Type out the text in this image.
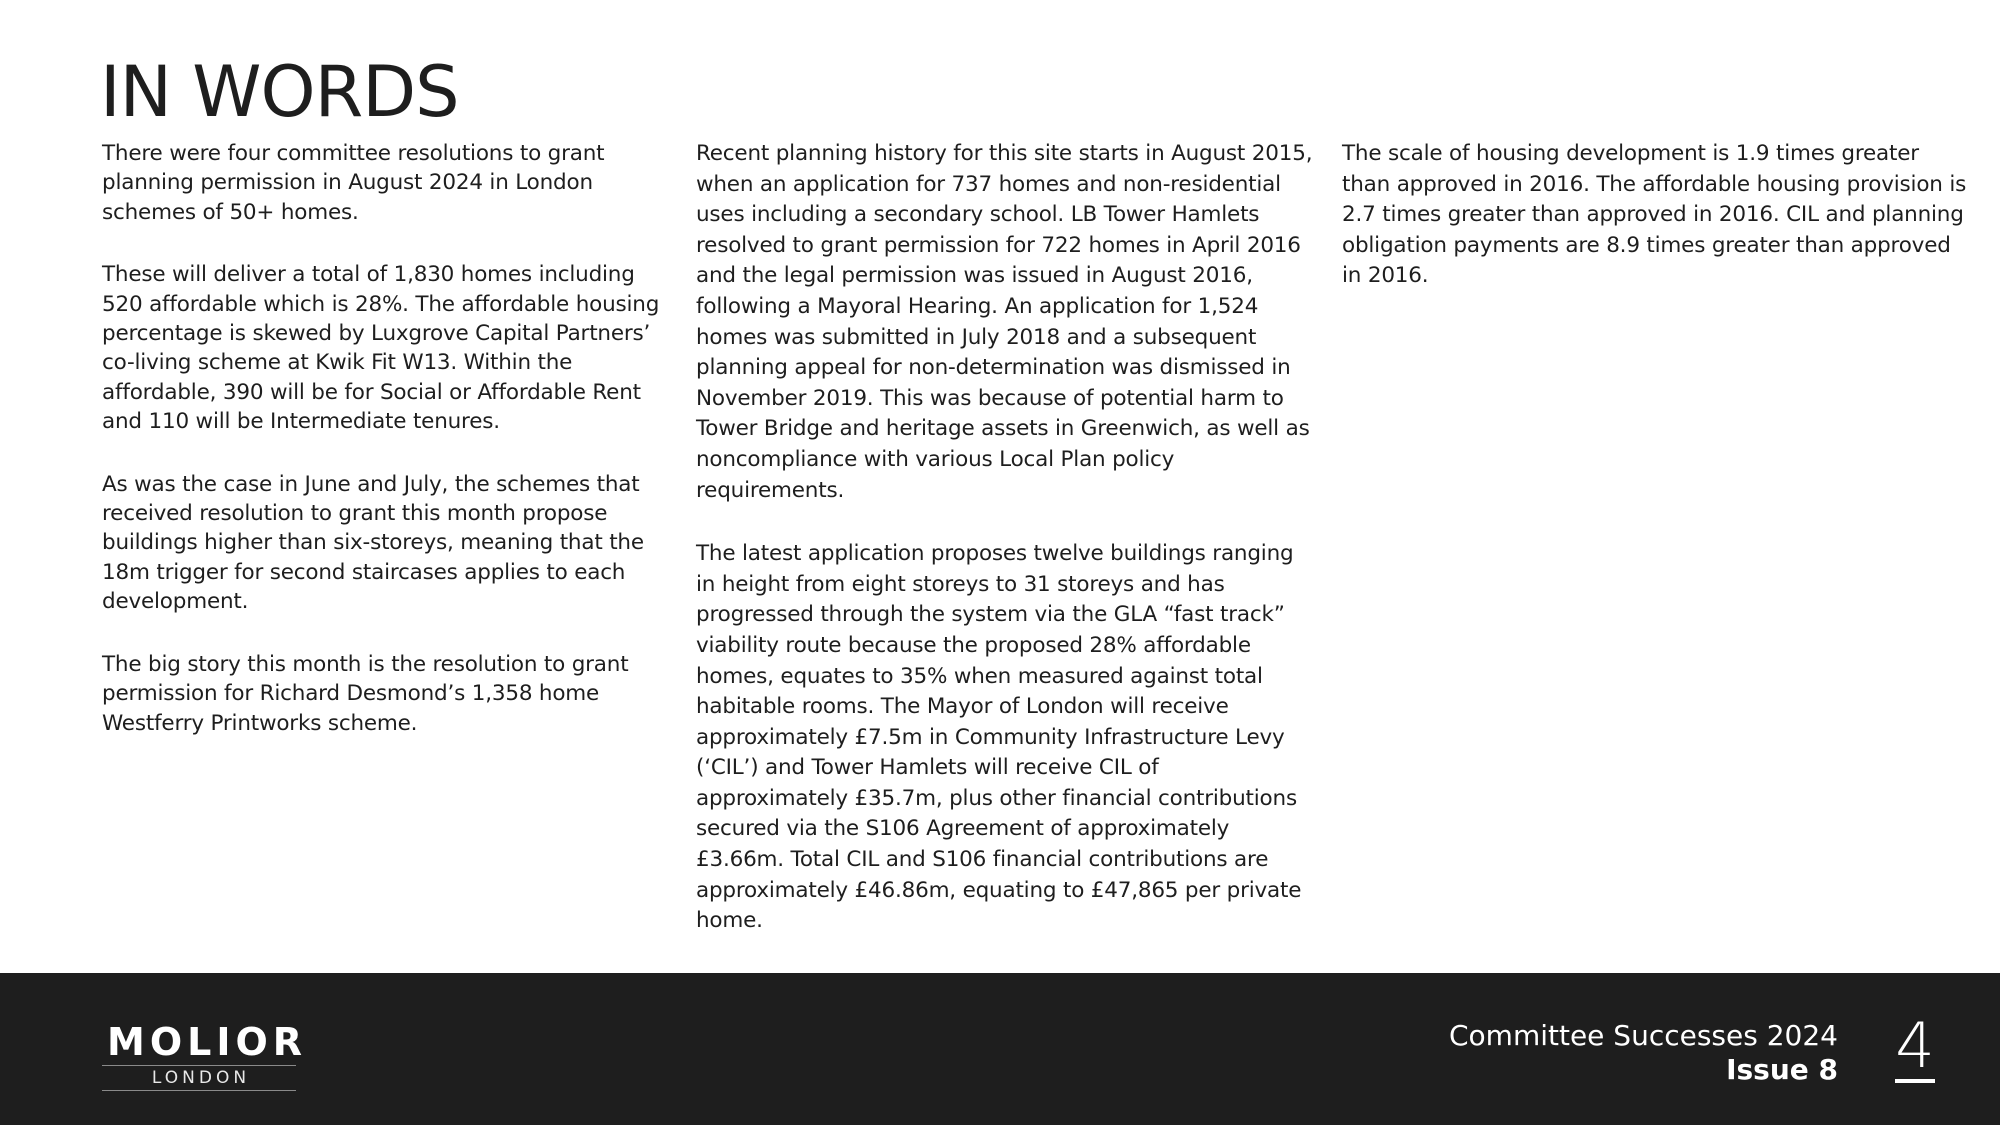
IN WORDS

There were four committee resolutions to grant planning permission in August 2024 in London schemes of 50+ homes.

These will deliver a total of 1,830 homes including 520 affordable which is 28%. The affordable housing percentage is skewed by Luxgrove Capital Partners’ co-living scheme at Kwik Fit W13. Within the affordable, 390 will be for Social or Affordable Rent and 110 will be Intermediate tenures.

As was the case in June and July, the schemes that received resolution to grant this month propose buildings higher than six-storeys, meaning that the 18m trigger for second staircases applies to each development.

The big story this month is the resolution to grant permission for Richard Desmond’s 1,358 home Westferry Printworks scheme.

Recent planning history for this site starts in August 2015, when an application for 737 homes and non-residential uses including a secondary school. LB Tower Hamlets resolved to grant permission for 722 homes in April 2016 and the legal permission was issued in August 2016, following a Mayoral Hearing. An application for 1,524 homes was submitted in July 2018 and a subsequent planning appeal for non-determination was dismissed in November 2019. This was because of potential harm to Tower Bridge and heritage assets in Greenwich, as well as noncompliance with various Local Plan policy requirements.

The latest application proposes twelve buildings ranging in height from eight storeys to 31 storeys and has progressed through the system via the GLA “fast track” viability route because the proposed 28% affordable homes, equates to 35% when measured against total habitable rooms. The Mayor of London will receive approximately £7.5m in Community Infrastructure Levy (‘CIL’) and Tower Hamlets will receive CIL of approximately £35.7m, plus other financial contributions secured via the S106 Agreement of approximately £3.66m. Total CIL and S106 financial contributions are approximately £46.86m, equating to £47,865 per private home.

The scale of housing development is 1.9 times greater than approved in 2016. The affordable housing provision is 2.7 times greater than approved in 2016. CIL and planning obligation payments are 8.9 times greater than approved in 2016.

MOLIOR
LONDON
Committee Successes 2024
Issue 8 4
